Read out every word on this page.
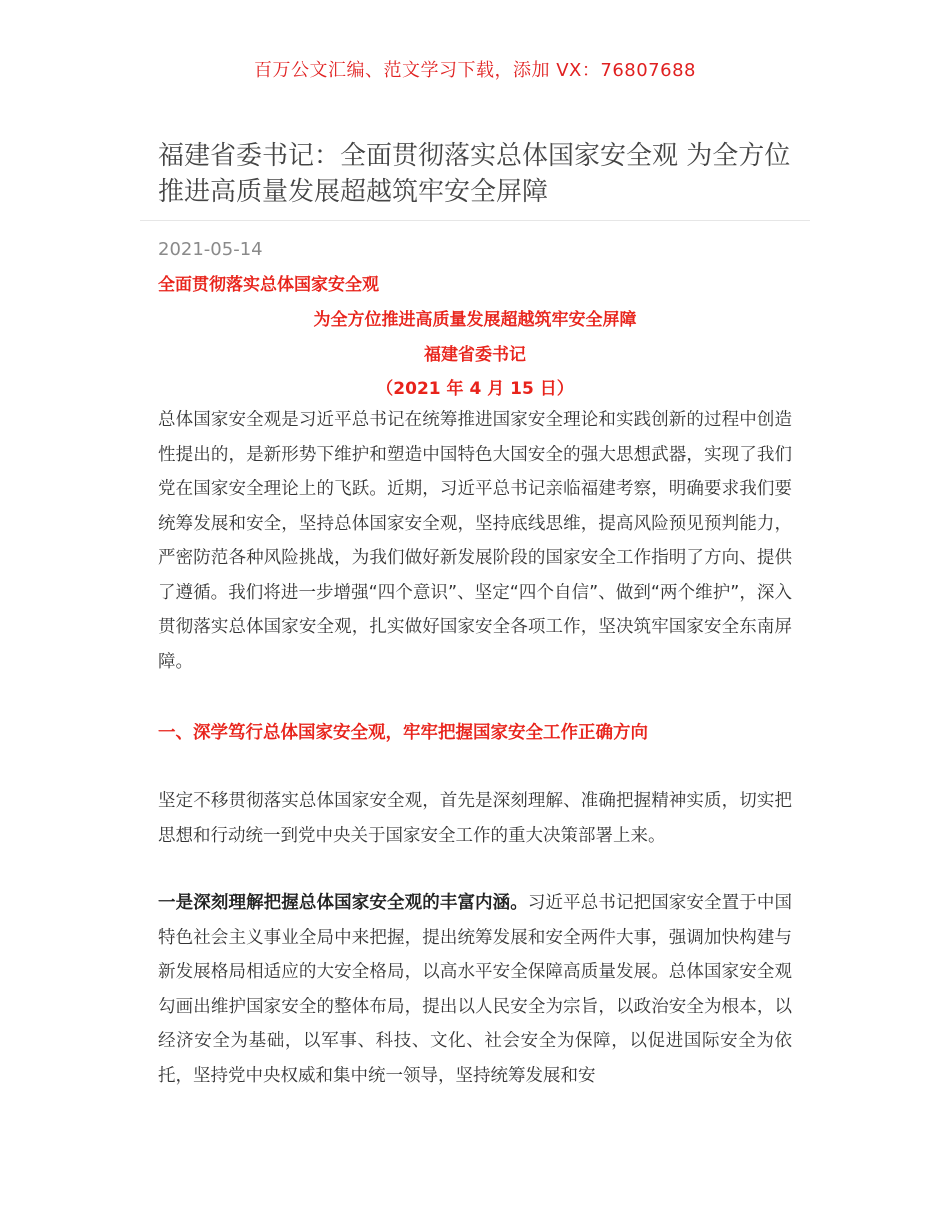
百万公文汇编、范文学习下载，添加 VX：76807688
福建省委书记：全面贯彻落实总体国家安全观 为全方位推进高质量发展超越筑牢安全屏障
2021-05-14
全面贯彻落实总体国家安全观
为全方位推进高质量发展超越筑牢安全屏障
福建省委书记
（2021 年 4 月 15 日）

总体国家安全观是习近平总书记在统筹推进国家安全理论和实践创新的过程中创造性提出的，是新形势下维护和塑造中国特色大国安全的强大思想武器，实现了我们党在国家安全理论上的飞跃。近期，习近平总书记亲临福建考察，明确要求我们要统筹发展和安全，坚持总体国家安全观，坚持底线思维，提高风险预见预判能力，严密防范各种风险挑战，为我们做好新发展阶段的国家安全工作指明了方向、提供了遵循。我们将进一步增强“四个意识”、坚定“四个自信”、做到“两个维护”，深入贯彻落实总体国家安全观，扎实做好国家安全各项工作，坚决筑牢国家安全东南屏障。

一、深学笃行总体国家安全观，牢牢把握国家安全工作正确方向

坚定不移贯彻落实总体国家安全观，首先是深刻理解、准确把握精神实质，切实把思想和行动统一到党中央关于国家安全工作的重大决策部署上来。

一是深刻理解把握总体国家安全观的丰富内涵。习近平总书记把国家安全置于中国特色社会主义事业全局中来把握，提出统筹发展和安全两件大事，强调加快构建与新发展格局相适应的大安全格局，以高水平安全保障高质量发展。总体国家安全观勾画出维护国家安全的整体布局，提出以人民安全为宗旨，以政治安全为根本，以经济安全为基础，以军事、科技、文化、社会安全为保障，以促进国际安全为依托，坚持党中央权威和集中统一领导，坚持统筹发展和安
